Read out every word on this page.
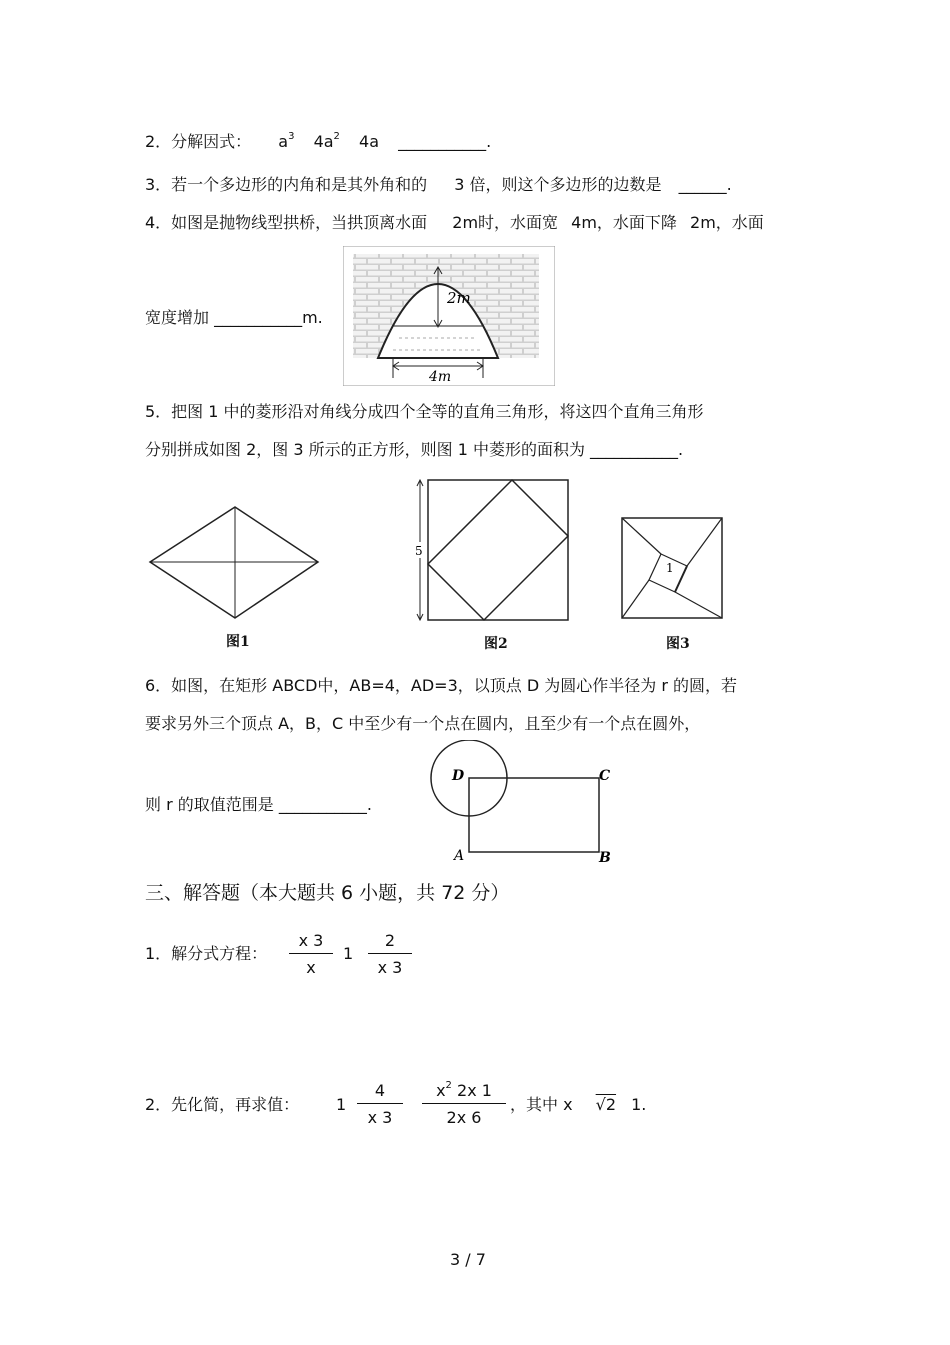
2．分解因式： $a^3$ $4a^2$ 4a ___________.
3．若一个多边形的内角和是其外角和的 3 倍，则这个多边形的边数是 ______.
4．如图是抛物线型拱桥，当拱顶离水面 2m时，水面宽 4m，水面下降 2m，水面
宽度增加 ___________m.
2m
4m
5．把图 1 中的菱形沿对角线分成四个全等的直角三角形，将这四个直角三角形
分别拼成如图 2，图 3 所示的正方形，则图 1 中菱形的面积为 ___________.
图1
5
图2
1
图3
6．如图，在矩形 ABCD中，AB=4，AD=3，以顶点 D 为圆心作半径为 r 的圆，若
要求另外三个顶点 A，B，C 中至少有一个点在圆内，且至少有一个点在圆外，
则 r 的取值范围是 ___________.
D	C
A	B
三、解答题（本大题共 6 小题，共 72 分）
1．解分式方程： $\frac{x 3}{x} 1 \frac{2}{x 3}$
2．先化简，再求值： $1 \frac{4}{x 3} \frac{x^2 2x 1}{2x 6}$ ，其中 x √2 1.
3 / 7
